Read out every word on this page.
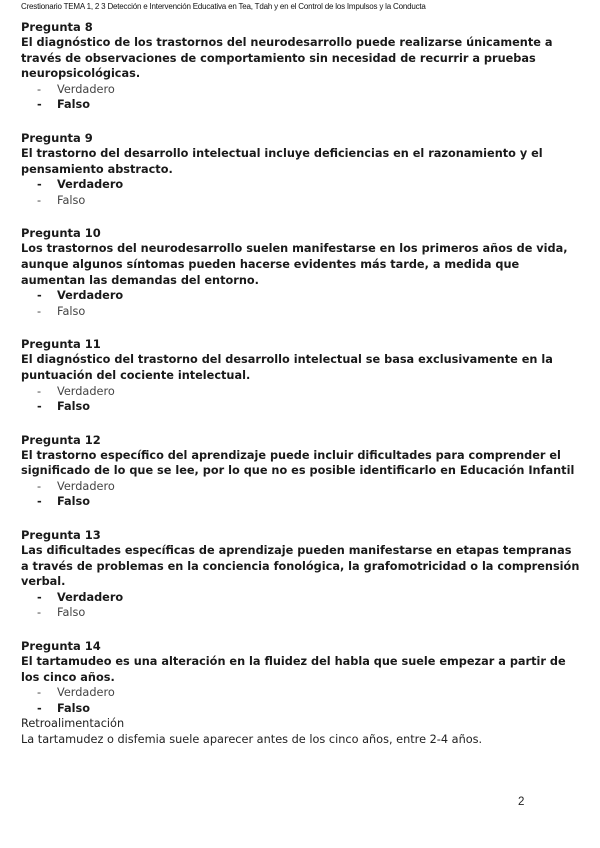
Crestionario TEMA 1, 2 3 Detección e Intervención Educativa en Tea, Tdah y en el Control de los Impulsos y la Conducta
Pregunta 8
El diagnóstico de los trastornos del neurodesarrollo puede realizarse únicamente a través de observaciones de comportamiento sin necesidad de recurrir a pruebas neuropsicológicas.
- Verdadero
- Falso
Pregunta 9
El trastorno del desarrollo intelectual incluye deficiencias en el razonamiento y el pensamiento abstracto.
- Verdadero
- Falso
Pregunta 10
Los trastornos del neurodesarrollo suelen manifestarse en los primeros años de vida, aunque algunos síntomas pueden hacerse evidentes más tarde, a medida que aumentan las demandas del entorno.
- Verdadero
- Falso
Pregunta 11
El diagnóstico del trastorno del desarrollo intelectual se basa exclusivamente en la puntuación del cociente intelectual.
- Verdadero
- Falso
Pregunta 12
El trastorno específico del aprendizaje puede incluir dificultades para comprender el significado de lo que se lee, por lo que no es posible identificarlo en Educación Infantil
- Verdadero
- Falso
Pregunta 13
Las dificultades específicas de aprendizaje pueden manifestarse en etapas tempranas a través de problemas en la conciencia fonológica, la grafomotricidad o la comprensión verbal.
- Verdadero
- Falso
Pregunta 14
El tartamudeo es una alteración en la fluidez del habla que suele empezar a partir de los cinco años.
- Verdadero
- Falso
Retroalimentación
La tartamudez o disfemia suele aparecer antes de los cinco años, entre 2-4 años.
2
